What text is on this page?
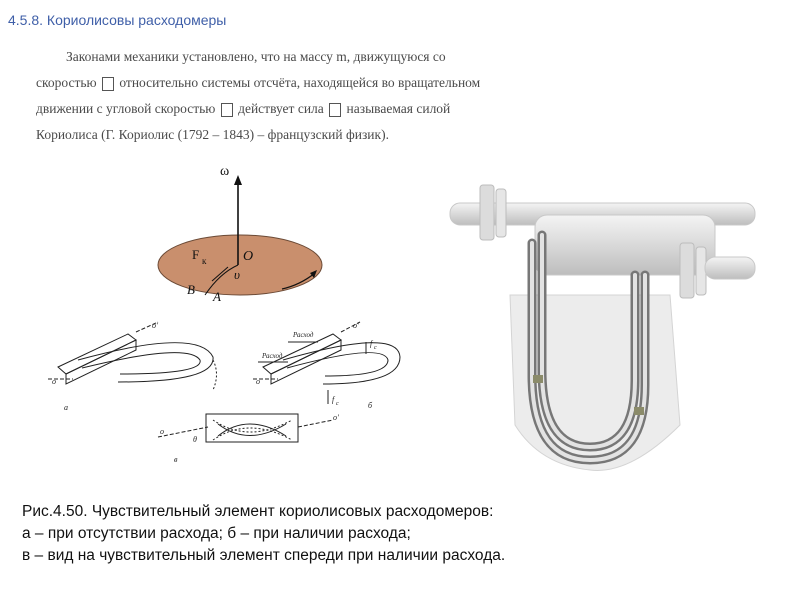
4.5.8. Кориолисовы расходомеры
Законами механики установлено, что на массу m, движущуюся со
скоростью относительно системы отсчёта, находящейся во вращательном
движении с угловой скоростью действует сила называемая силой
Кориолиса (Г. Кориолис (1792 – 1843) – французский физик).
ω
O
F к
υ
B A
o'
o
а
Расход
Расход
o'
o
f c
f c	б
o'
o
θ
в
Рис.4.50. Чувствительный элемент кориолисовых расходомеров:
а – при отсутствии расхода; б – при наличии расхода;
в – вид на чувствительный элемент спереди при наличии расхода.
